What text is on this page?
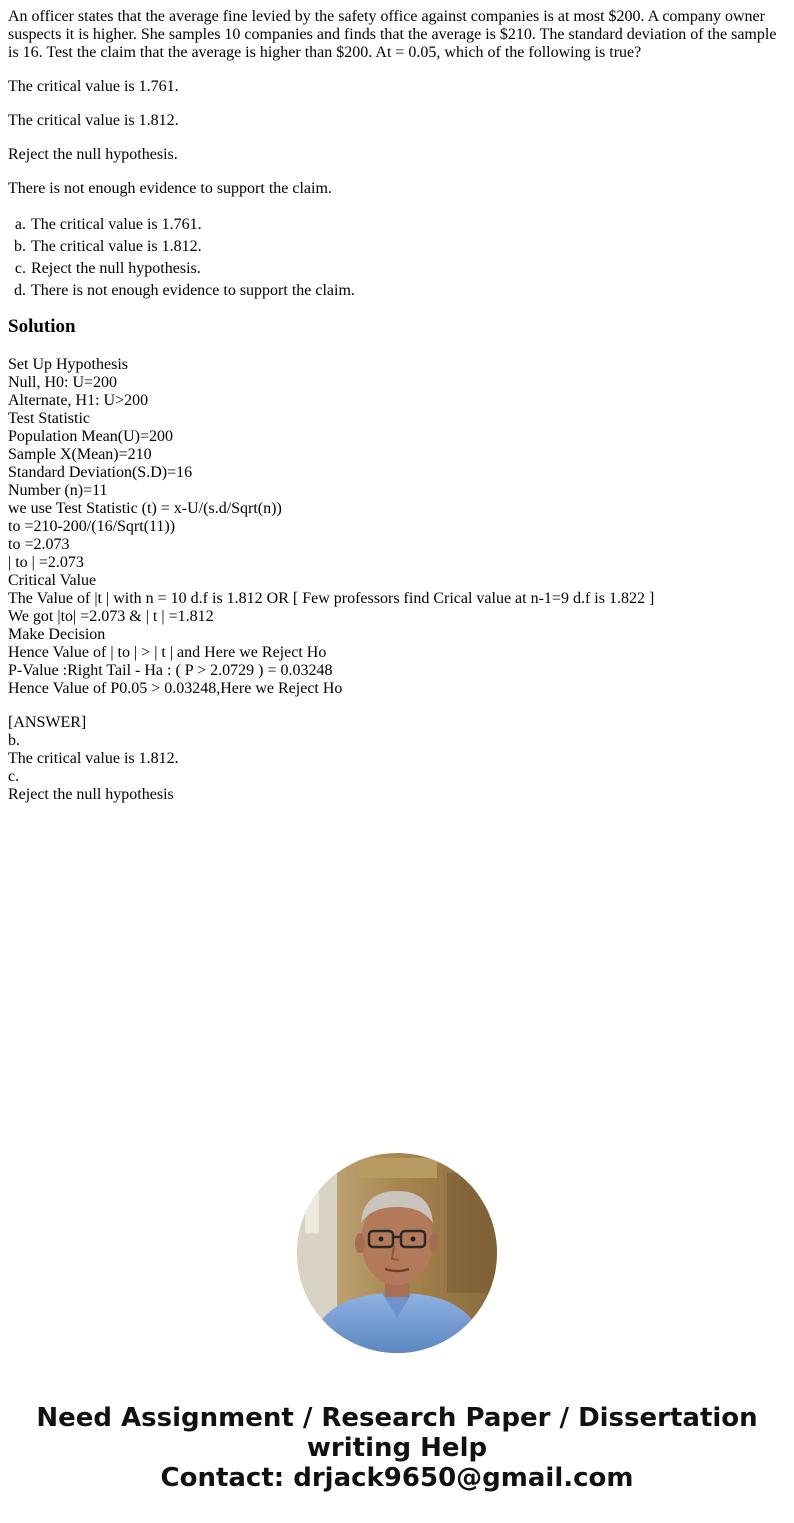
An officer states that the average fine levied by the safety office against companies is at most $200. A company owner suspects it is higher. She samples 10 companies and finds that the average is $210. The standard deviation of the sample is 16. Test the claim that the average is higher than $200. At = 0.05, which of the following is true?

The critical value is 1.761.

The critical value is 1.812.

Reject the null hypothesis.

There is not enough evidence to support the claim.

a. The critical value is 1.761.
b. The critical value is 1.812.
c. Reject the null hypothesis.
d. There is not enough evidence to support the claim.
Solution
Set Up Hypothesis
Null, H0: U=200
Alternate, H1: U>200
Test Statistic
Population Mean(U)=200
Sample X(Mean)=210
Standard Deviation(S.D)=16
Number (n)=11
we use Test Statistic (t) = x-U/(s.d/Sqrt(n))
to =210-200/(16/Sqrt(11))
to =2.073
| to | =2.073
Critical Value
The Value of |t | with n = 10 d.f is 1.812 OR [ Few professors find Crical value at n-1=9 d.f is 1.822 ]
We got |to| =2.073 & | t | =1.812
Make Decision
Hence Value of | to | > | t | and Here we Reject Ho
P-Value :Right Tail - Ha : ( P > 2.0729 ) = 0.03248
Hence Value of P0.05 > 0.03248,Here we Reject Ho
[ANSWER]
b.
The critical value is 1.812.
c.
Reject the null hypothesis
Need Assignment / Research Paper / Dissertation
writing Help
Contact: drjack9650@gmail.com
